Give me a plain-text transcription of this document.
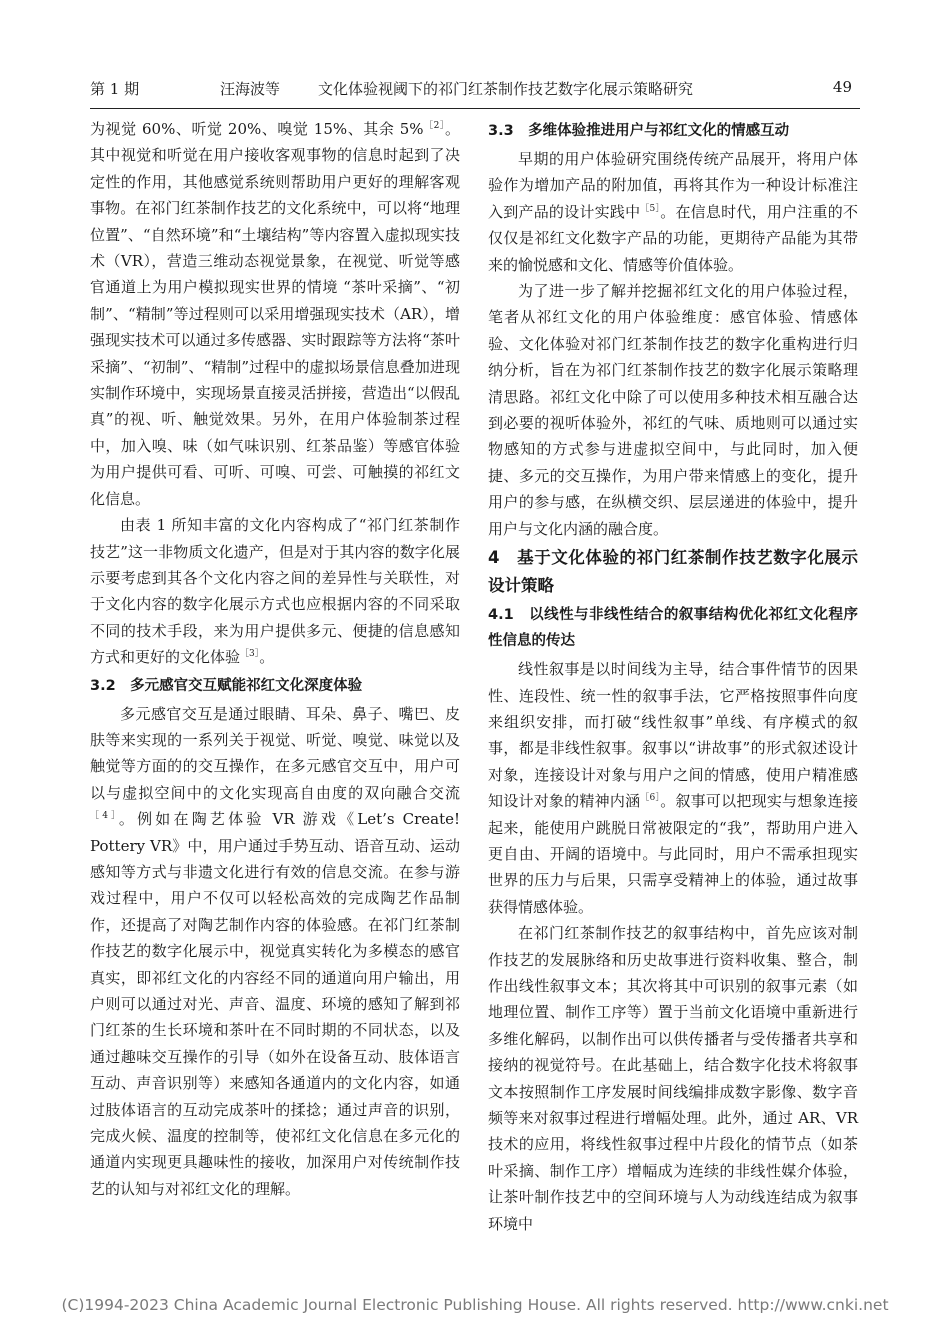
第 1 期	汪海波等	文化体验视阈下的祁门红茶制作技艺数字化展示策略研究	49

为视觉 60%、听觉 20%、嗅觉 15%、其余 5%$^{[2]}$。其中视觉和听觉在用户接收客观事物的信息时起到了决定性的作用，其他感觉系统则帮助用户更好的理解客观事物。在祁门红茶制作技艺的文化系统中，可以将“地理位置”、“自然环境”和“土壤结构”等内容置入虚拟现实技术（VR），营造三维动态视觉景象，在视觉、听觉等感官通道上为用户模拟现实世界的情境 “茶叶采摘”、“初制”、“精制”等过程则可以采用增强现实技术（AR），增强现实技术可以通过多传感器、实时跟踪等方法将“茶叶采摘”、“初制”、“精制”过程中的虚拟场景信息叠加进现实制作环境中，实现场景直接灵活拼接，营造出“以假乱真”的视、听、触觉效果。另外，在用户体验制茶过程中，加入嗅、味（如气味识别、红茶品鉴）等感官体验为用户提供可看、可听、可嗅、可尝、可触摸的祁红文化信息。

由表 1 所知丰富的文化内容构成了“祁门红茶制作技艺”这一非物质文化遗产，但是对于其内容的数字化展示要考虑到其各个文化内容之间的差异性与关联性，对于文化内容的数字化展示方式也应根据内容的不同采取不同的技术手段，来为用户提供多元、便捷的信息感知方式和更好的文化体验$^{[3]}$。

3.2　多元感官交互赋能祁红文化深度体验

多元感官交互是通过眼睛、耳朵、鼻子、嘴巴、皮肤等来实现的一系列关于视觉、听觉、嗅觉、味觉以及触觉等方面的的交互操作，在多元感官交互中，用户可以与虚拟空间中的文化实现高自由度的双向融合交流$^{[4]}$。例如在陶艺体验 VR 游戏《Let’s Create! Pottery VR》中，用户通过手势互动、语音互动、运动感知等方式与非遗文化进行有效的信息交流。在参与游戏过程中，用户不仅可以轻松高效的完成陶艺作品制作，还提高了对陶艺制作内容的体验感。在祁门红茶制作技艺的数字化展示中，视觉真实转化为多模态的感官真实，即祁红文化的内容经不同的通道向用户输出，用户则可以通过对光、声音、温度、环境的感知了解到祁门红茶的生长环境和茶叶在不同时期的不同状态，以及通过趣味交互操作的引导（如外在设备互动、肢体语言互动、声音识别等）来感知各通道内的文化内容，如通过肢体语言的互动完成茶叶的揉捻；通过声音的识别，完成火候、温度的控制等，使祁红文化信息在多元化的通道内实现更具趣味性的接收，加深用户对传统制作技艺的认知与对祁红文化的理解。

3.3　多维体验推进用户与祁红文化的情感互动

早期的用户体验研究围绕传统产品展开，将用户体验作为增加产品的附加值，再将其作为一种设计标准注入到产品的设计实践中$^{[5]}$。在信息时代，用户注重的不仅仅是祁红文化数字产品的功能，更期待产品能为其带来的愉悦感和文化、情感等价值体验。

为了进一步了解并挖掘祁红文化的用户体验过程，笔者从祁红文化的用户体验维度：感官体验、情感体验、文化体验对祁门红茶制作技艺的数字化重构进行归纳分析，旨在为祁门红茶制作技艺的数字化展示策略理清思路。祁红文化中除了可以使用多种技术相互融合达到必要的视听体验外，祁红的气味、质地则可以通过实物感知的方式参与进虚拟空间中，与此同时，加入便捷、多元的交互操作，为用户带来情感上的变化，提升用户的参与感，在纵横交织、层层递进的体验中，提升用户与文化内涵的融合度。

4　基于文化体验的祁门红茶制作技艺数字化展示设计策略
4.1　以线性与非线性结合的叙事结构优化祁红文化程序性信息的传达

线性叙事是以时间线为主导，结合事件情节的因果性、连段性、统一性的叙事手法，它严格按照事件向度来组织安排，而打破“线性叙事”单线、有序模式的叙事，都是非线性叙事。叙事以“讲故事”的形式叙述设计对象，连接设计对象与用户之间的情感，使用户精准感知设计对象的精神内涵$^{[6]}$。叙事可以把现实与想象连接起来，能使用户跳脱日常被限定的“我”，帮助用户进入更自由、开阔的语境中。与此同时，用户不需承担现实世界的压力与后果，只需享受精神上的体验，通过故事获得情感体验。

在祁门红茶制作技艺的叙事结构中，首先应该对制作技艺的发展脉络和历史故事进行资料收集、整合，制作出线性叙事文本；其次将其中可识别的叙事元素（如地理位置、制作工序等）置于当前文化语境中重新进行多维化解码，以制作出可以供传播者与受传播者共享和接纳的视觉符号。在此基础上，结合数字化技术将叙事文本按照制作工序发展时间线编排成数字影像、数字音频等来对叙事过程进行增幅处理。此外，通过 AR、VR 技术的应用，将线性叙事过程中片段化的情节点（如茶叶采摘、制作工序）增幅成为连续的非线性媒介体验，让茶叶制作技艺中的空间环境与人为动线连结成为叙事环境中

(C)1994-2023 China Academic Journal Electronic Publishing House. All rights reserved. http://www.cnki.net
